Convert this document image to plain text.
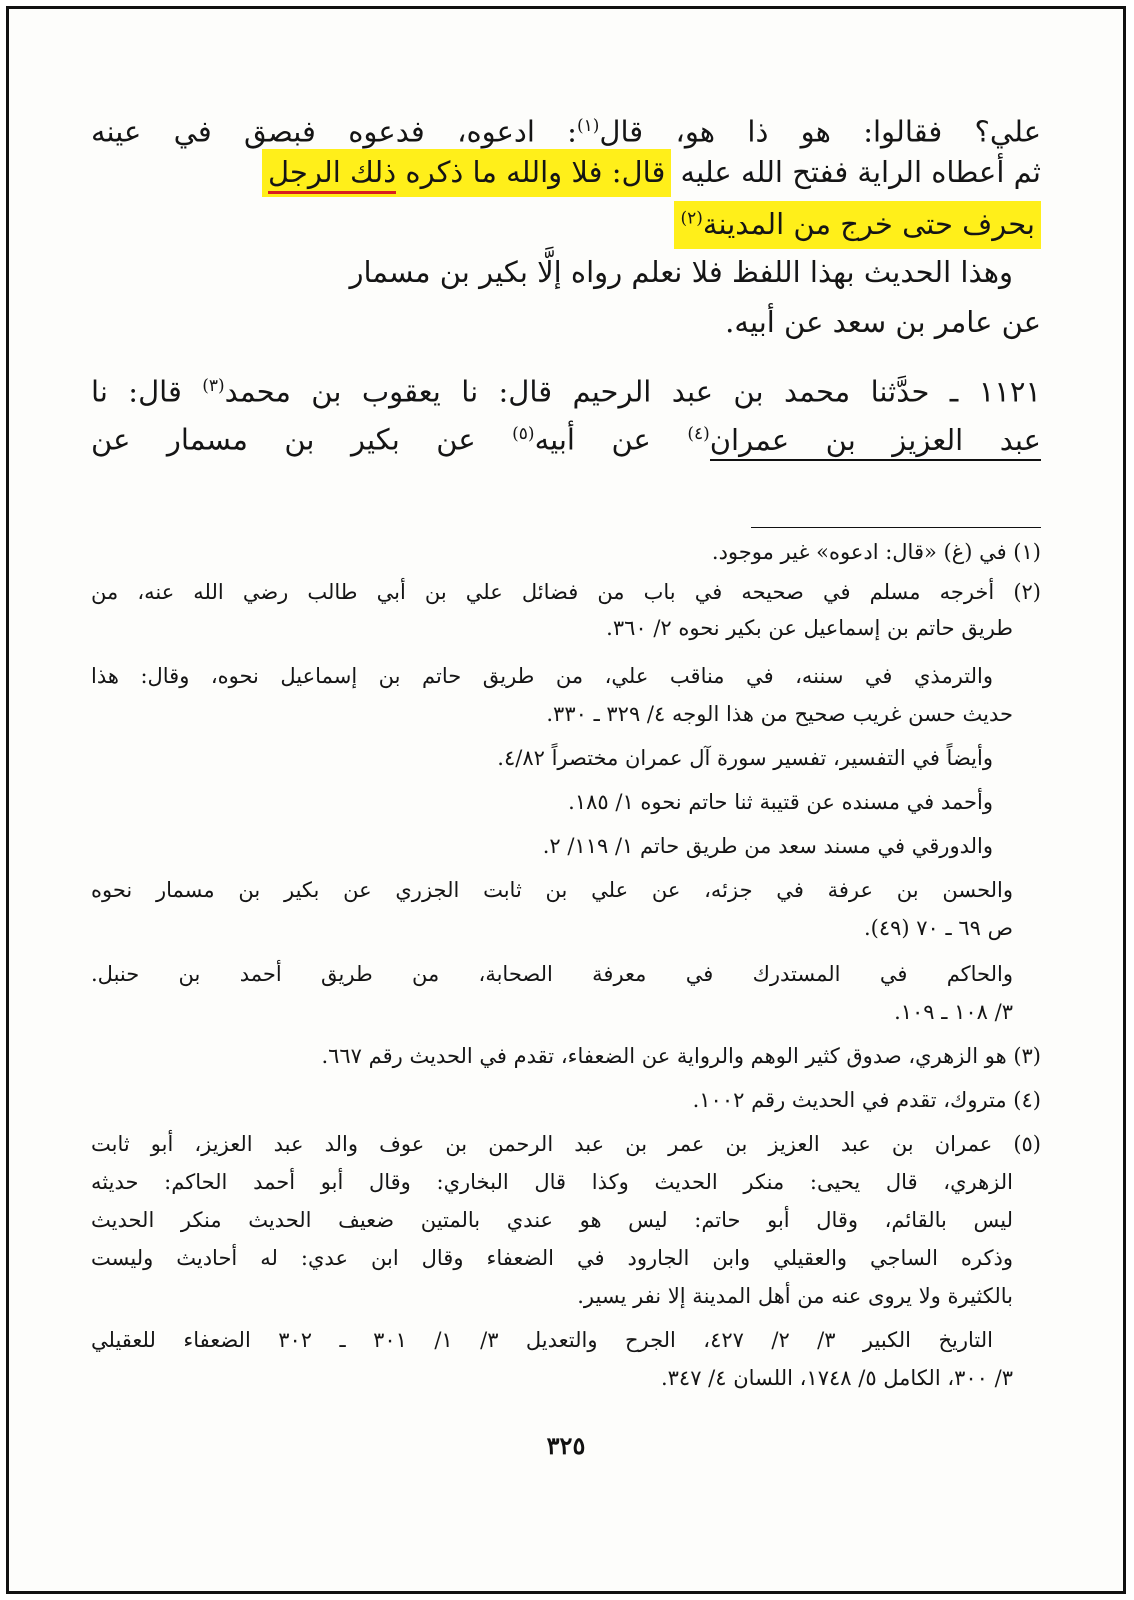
علي؟ فقالوا: هو ذا هو، قال$^{(١)}$: ادعوه، فدعوه فبصق في عينه
ثم أعطاه الراية ففتح الله عليه قال: فلا والله ما ذكره ذلك الرجل
بحرف حتى خرج من المدينة$^{(٢)}$
وهذا الحديث بهذا اللفظ فلا نعلم رواه إلَّا بكير بن مسمار
عن عامر بن سعد عن أبيه.
١١٢١ ـ حدَّثنا محمد بن عبد الرحيم قال: نا يعقوب بن محمد$^{(٣)}$ قال: نا
عبد العزيز بن عمران$^{(٤)}$ عن أبيه$^{(٥)}$ عن بكير بن مسمار عن
(١) في (غ) «قال: ادعوه» غير موجود.
(٢) أخرجه مسلم في صحيحه في باب من فضائل علي بن أبي طالب رضي الله عنه، من
طريق حاتم بن إسماعيل عن بكير نحوه ٢/ ٣٦٠.
والترمذي في سننه، في مناقب علي، من طريق حاتم بن إسماعيل نحوه، وقال: هذا
حديث حسن غريب صحيح من هذا الوجه ٤/ ٣٢٩ ـ ٣٣٠.
وأيضاً في التفسير، تفسير سورة آل عمران مختصراً ٤/٨٢.
وأحمد في مسنده عن قتيبة ثنا حاتم نحوه ١/ ١٨٥.
والدورقي في مسند سعد من طريق حاتم ١/ ١١٩/ ٢.
والحسن بن عرفة في جزئه، عن علي بن ثابت الجزري عن بكير بن مسمار نحوه
ص ٦٩ ـ ٧٠ (٤٩).
والحاكم في المستدرك في معرفة الصحابة، من طريق أحمد بن حنبل.
٣/ ١٠٨ ـ ١٠٩.
(٣) هو الزهري، صدوق كثير الوهم والرواية عن الضعفاء، تقدم في الحديث رقم ٦٦٧.
(٤) متروك، تقدم في الحديث رقم ١٠٠٢.
(٥) عمران بن عبد العزيز بن عمر بن عبد الرحمن بن عوف والد عبد العزيز، أبو ثابت
الزهري، قال يحيى: منكر الحديث وكذا قال البخاري: وقال أبو أحمد الحاكم: حديثه
ليس بالقائم، وقال أبو حاتم: ليس هو عندي بالمتين ضعيف الحديث منكر الحديث
وذكره الساجي والعقيلي وابن الجارود في الضعفاء وقال ابن عدي: له أحاديث وليست
بالكثيرة ولا يروى عنه من أهل المدينة إلا نفر يسير.
التاريخ الكبير ٣/ ٢/ ٤٢٧، الجرح والتعديل ٣/ ١/ ٣٠١ ـ ٣٠٢ الضعفاء للعقيلي
٣/ ٣٠٠، الكامل ٥/ ١٧٤٨، اللسان ٤/ ٣٤٧.
٣٢٥
